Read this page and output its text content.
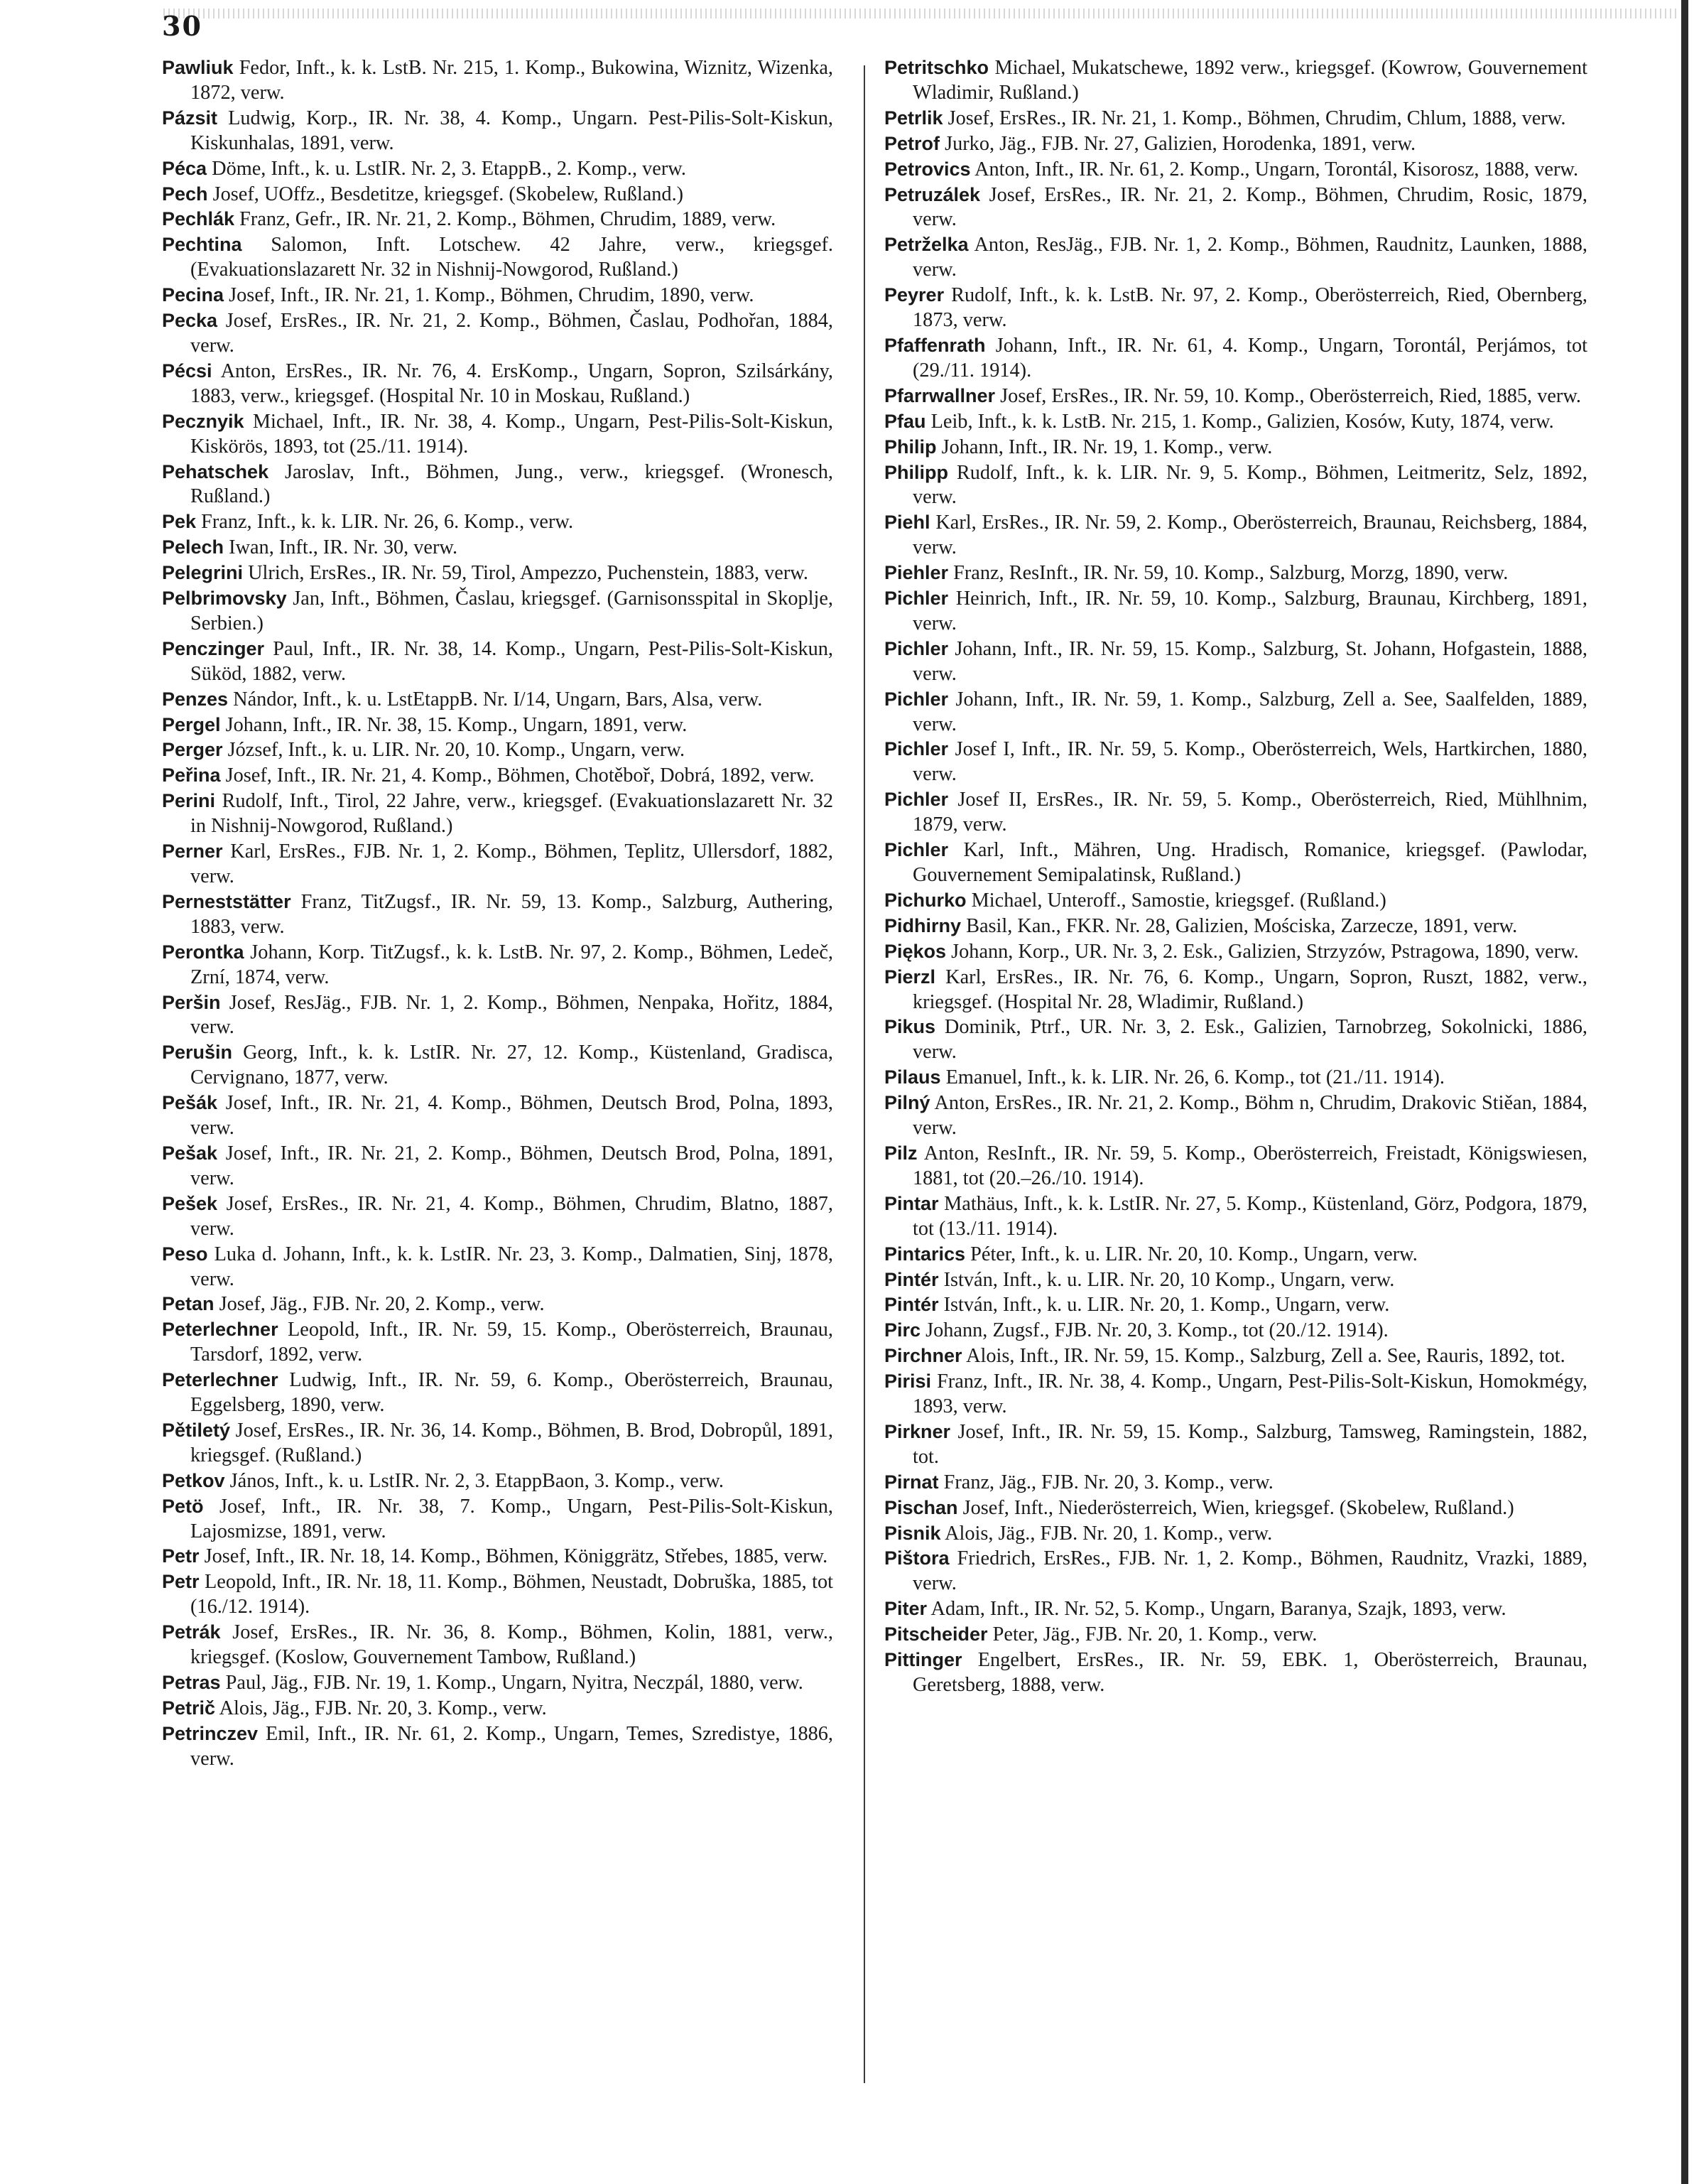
30

Pawliuk Fedor, Inft., k. k. LstB. Nr. 215, 1. Komp., Bukowina, Wiznitz, Wizenka, 1872, verw.

Pázsit Ludwig, Korp., IR. Nr. 38, 4. Komp., Ungarn. Pest-Pilis-Solt-Kiskun, Kiskunhalas, 1891, verw.

Péca Döme, Inft., k. u. LstIR. Nr. 2, 3. EtappB., 2. Komp., verw.

Pech Josef, UOffz., Besdetitze, kriegsgef. (Skobelew, Rußland.)

Pechlák Franz, Gefr., IR. Nr. 21, 2. Komp., Böhmen, Chrudim, 1889, verw.

Pechtina Salomon, Inft. Lotschew. 42 Jahre, verw., kriegsgef. (Evakuationslazarett Nr. 32 in Nishnij-Nowgorod, Rußland.)

Pecina Josef, Inft., IR. Nr. 21, 1. Komp., Böhmen, Chrudim, 1890, verw.

Pecka Josef, ErsRes., IR. Nr. 21, 2. Komp., Böhmen, Časlau, Podhořan, 1884, verw.

Pécsi Anton, ErsRes., IR. Nr. 76, 4. ErsKomp., Ungarn, Sopron, Szilsárkány, 1883, verw., kriegsgef. (Hospital Nr. 10 in Moskau, Rußland.)

Pecznyik Michael, Inft., IR. Nr. 38, 4. Komp., Ungarn, Pest-Pilis-Solt-Kiskun, Kiskörös, 1893, tot (25./11. 1914).

Pehatschek Jaroslav, Inft., Böhmen, Jung., verw., kriegsgef. (Wronesch, Rußland.)

Pek Franz, Inft., k. k. LIR. Nr. 26, 6. Komp., verw.

Pelech Iwan, Inft., IR. Nr. 30, verw.

Pelegrini Ulrich, ErsRes., IR. Nr. 59, Tirol, Ampezzo, Puchenstein, 1883, verw.

Pelbrimovsky Jan, Inft., Böhmen, Časlau, kriegsgef. (Garnisonsspital in Skoplje, Serbien.)

Penczinger Paul, Inft., IR. Nr. 38, 14. Komp., Ungarn, Pest-Pilis-Solt-Kiskun, Süköd, 1882, verw.

Penzes Nándor, Inft., k. u. LstEtappB. Nr. I/14, Ungarn, Bars, Alsa, verw.

Pergel Johann, Inft., IR. Nr. 38, 15. Komp., Ungarn, 1891, verw.

Perger József, Inft., k. u. LIR. Nr. 20, 10. Komp., Ungarn, verw.

Peřina Josef, Inft., IR. Nr. 21, 4. Komp., Böhmen, Chotěboř, Dobrá, 1892, verw.

Perini Rudolf, Inft., Tirol, 22 Jahre, verw., kriegsgef. (Evakuationslazarett Nr. 32 in Nishnij-Nowgorod, Rußland.)

Perner Karl, ErsRes., FJB. Nr. 1, 2. Komp., Böhmen, Teplitz, Ullersdorf, 1882, verw.

Perneststätter Franz, TitZugsf., IR. Nr. 59, 13. Komp., Salzburg, Authering, 1883, verw.

Perontka Johann, Korp. TitZugsf., k. k. LstB. Nr. 97, 2. Komp., Böhmen, Ledeč, Zrní, 1874, verw.

Peršin Josef, ResJäg., FJB. Nr. 1, 2. Komp., Böhmen, Nenpaka, Hořitz, 1884, verw.

Perušin Georg, Inft., k. k. LstIR. Nr. 27, 12. Komp., Küstenland, Gradisca, Cervignano, 1877, verw.

Pešák Josef, Inft., IR. Nr. 21, 4. Komp., Böhmen, Deutsch Brod, Polna, 1893, verw.

Pešak Josef, Inft., IR. Nr. 21, 2. Komp., Böhmen, Deutsch Brod, Polna, 1891, verw.

Pešek Josef, ErsRes., IR. Nr. 21, 4. Komp., Böhmen, Chrudim, Blatno, 1887, verw.

Peso Luka d. Johann, Inft., k. k. LstIR. Nr. 23, 3. Komp., Dalmatien, Sinj, 1878, verw.

Petan Josef, Jäg., FJB. Nr. 20, 2. Komp., verw.

Peterlechner Leopold, Inft., IR. Nr. 59, 15. Komp., Oberösterreich, Braunau, Tarsdorf, 1892, verw.

Peterlechner Ludwig, Inft., IR. Nr. 59, 6. Komp., Oberösterreich, Braunau, Eggelsberg, 1890, verw.

Pětiletý Josef, ErsRes., IR. Nr. 36, 14. Komp., Böhmen, B. Brod, Dobropůl, 1891, kriegsgef. (Rußland.)

Petkov János, Inft., k. u. LstIR. Nr. 2, 3. EtappBaon, 3. Komp., verw.

Petö Josef, Inft., IR. Nr. 38, 7. Komp., Ungarn, Pest-Pilis-Solt-Kiskun, Lajosmizse, 1891, verw.

Petr Josef, Inft., IR. Nr. 18, 14. Komp., Böhmen, Königgrätz, Střebes, 1885, verw.

Petr Leopold, Inft., IR. Nr. 18, 11. Komp., Böhmen, Neustadt, Dobruška, 1885, tot (16./12. 1914).

Petrák Josef, ErsRes., IR. Nr. 36, 8. Komp., Böhmen, Kolin, 1881, verw., kriegsgef. (Koslow, Gouvernement Tambow, Rußland.)

Petras Paul, Jäg., FJB. Nr. 19, 1. Komp., Ungarn, Nyitra, Neczpál, 1880, verw.

Petrič Alois, Jäg., FJB. Nr. 20, 3. Komp., verw.

Petrinczev Emil, Inft., IR. Nr. 61, 2. Komp., Ungarn, Temes, Szredistye, 1886, verw.

Petritschko Michael, Mukatschewe, 1892 verw., kriegsgef. (Kowrow, Gouvernement Wladimir, Rußland.)

Petrlik Josef, ErsRes., IR. Nr. 21, 1. Komp., Böhmen, Chrudim, Chlum, 1888, verw.

Petrof Jurko, Jäg., FJB. Nr. 27, Galizien, Horodenka, 1891, verw.

Petrovics Anton, Inft., IR. Nr. 61, 2. Komp., Ungarn, Torontál, Kisorosz, 1888, verw.

Petruzálek Josef, ErsRes., IR. Nr. 21, 2. Komp., Böhmen, Chrudim, Rosic, 1879, verw.

Petrželka Anton, ResJäg., FJB. Nr. 1, 2. Komp., Böhmen, Raudnitz, Launken, 1888, verw.

Peyrer Rudolf, Inft., k. k. LstB. Nr. 97, 2. Komp., Oberösterreich, Ried, Obernberg, 1873, verw.

Pfaffenrath Johann, Inft., IR. Nr. 61, 4. Komp., Ungarn, Torontál, Perjámos, tot (29./11. 1914).

Pfarrwallner Josef, ErsRes., IR. Nr. 59, 10. Komp., Oberösterreich, Ried, 1885, verw.

Pfau Leib, Inft., k. k. LstB. Nr. 215, 1. Komp., Galizien, Kosów, Kuty, 1874, verw.

Philip Johann, Inft., IR. Nr. 19, 1. Komp., verw.

Philipp Rudolf, Inft., k. k. LIR. Nr. 9, 5. Komp., Böhmen, Leitmeritz, Selz, 1892, verw.

Piehl Karl, ErsRes., IR. Nr. 59, 2. Komp., Oberösterreich, Braunau, Reichsberg, 1884, verw.

Piehler Franz, ResInft., IR. Nr. 59, 10. Komp., Salzburg, Morzg, 1890, verw.

Pichler Heinrich, Inft., IR. Nr. 59, 10. Komp., Salzburg, Braunau, Kirchberg, 1891, verw.

Pichler Johann, Inft., IR. Nr. 59, 15. Komp., Salzburg, St. Johann, Hofgastein, 1888, verw.

Pichler Johann, Inft., IR. Nr. 59, 1. Komp., Salzburg, Zell a. See, Saalfelden, 1889, verw.

Pichler Josef I, Inft., IR. Nr. 59, 5. Komp., Oberösterreich, Wels, Hartkirchen, 1880, verw.

Pichler Josef II, ErsRes., IR. Nr. 59, 5. Komp., Oberösterreich, Ried, Mühlhnim, 1879, verw.

Pichler Karl, Inft., Mähren, Ung. Hradisch, Romanice, kriegsgef. (Pawlodar, Gouvernement Semipalatinsk, Rußland.)

Pichurko Michael, Unteroff., Samostie, kriegsgef. (Rußland.)

Pidhirny Basil, Kan., FKR. Nr. 28, Galizien, Mościska, Zarzecze, 1891, verw.

Piękos Johann, Korp., UR. Nr. 3, 2. Esk., Galizien, Strzyzów, Pstragowa, 1890, verw.

Pierzl Karl, ErsRes., IR. Nr. 76, 6. Komp., Ungarn, Sopron, Ruszt, 1882, verw., kriegsgef. (Hospital Nr. 28, Wladimir, Rußland.)

Pikus Dominik, Ptrf., UR. Nr. 3, 2. Esk., Galizien, Tarnobrzeg, Sokolnicki, 1886, verw.

Pilaus Emanuel, Inft., k. k. LIR. Nr. 26, 6. Komp., tot (21./11. 1914).

Pilný Anton, ErsRes., IR. Nr. 21, 2. Komp., Böhm n, Chrudim, Drakovic Stiěan, 1884, verw.

Pilz Anton, ResInft., IR. Nr. 59, 5. Komp., Oberösterreich, Freistadt, Königswiesen, 1881, tot (20.–26./10. 1914).

Pintar Mathäus, Inft., k. k. LstIR. Nr. 27, 5. Komp., Küstenland, Görz, Podgora, 1879, tot (13./11. 1914).

Pintarics Péter, Inft., k. u. LIR. Nr. 20, 10. Komp., Ungarn, verw.

Pintér István, Inft., k. u. LIR. Nr. 20, 10 Komp., Ungarn, verw.

Pintér István, Inft., k. u. LIR. Nr. 20, 1. Komp., Ungarn, verw.

Pirc Johann, Zugsf., FJB. Nr. 20, 3. Komp., tot (20./12. 1914).

Pirchner Alois, Inft., IR. Nr. 59, 15. Komp., Salzburg, Zell a. See, Rauris, 1892, tot.

Pirisi Franz, Inft., IR. Nr. 38, 4. Komp., Ungarn, Pest-Pilis-Solt-Kiskun, Homokmégy, 1893, verw.

Pirkner Josef, Inft., IR. Nr. 59, 15. Komp., Salzburg, Tamsweg, Ramingstein, 1882, tot.

Pirnat Franz, Jäg., FJB. Nr. 20, 3. Komp., verw.

Pischan Josef, Inft., Niederösterreich, Wien, kriegsgef. (Skobelew, Rußland.)

Pisnik Alois, Jäg., FJB. Nr. 20, 1. Komp., verw.

Pištora Friedrich, ErsRes., FJB. Nr. 1, 2. Komp., Böhmen, Raudnitz, Vrazki, 1889, verw.

Piter Adam, Inft., IR. Nr. 52, 5. Komp., Ungarn, Baranya, Szajk, 1893, verw.

Pitscheider Peter, Jäg., FJB. Nr. 20, 1. Komp., verw.

Pittinger Engelbert, ErsRes., IR. Nr. 59, EBK. 1, Oberösterreich, Braunau, Geretsberg, 1888, verw.
